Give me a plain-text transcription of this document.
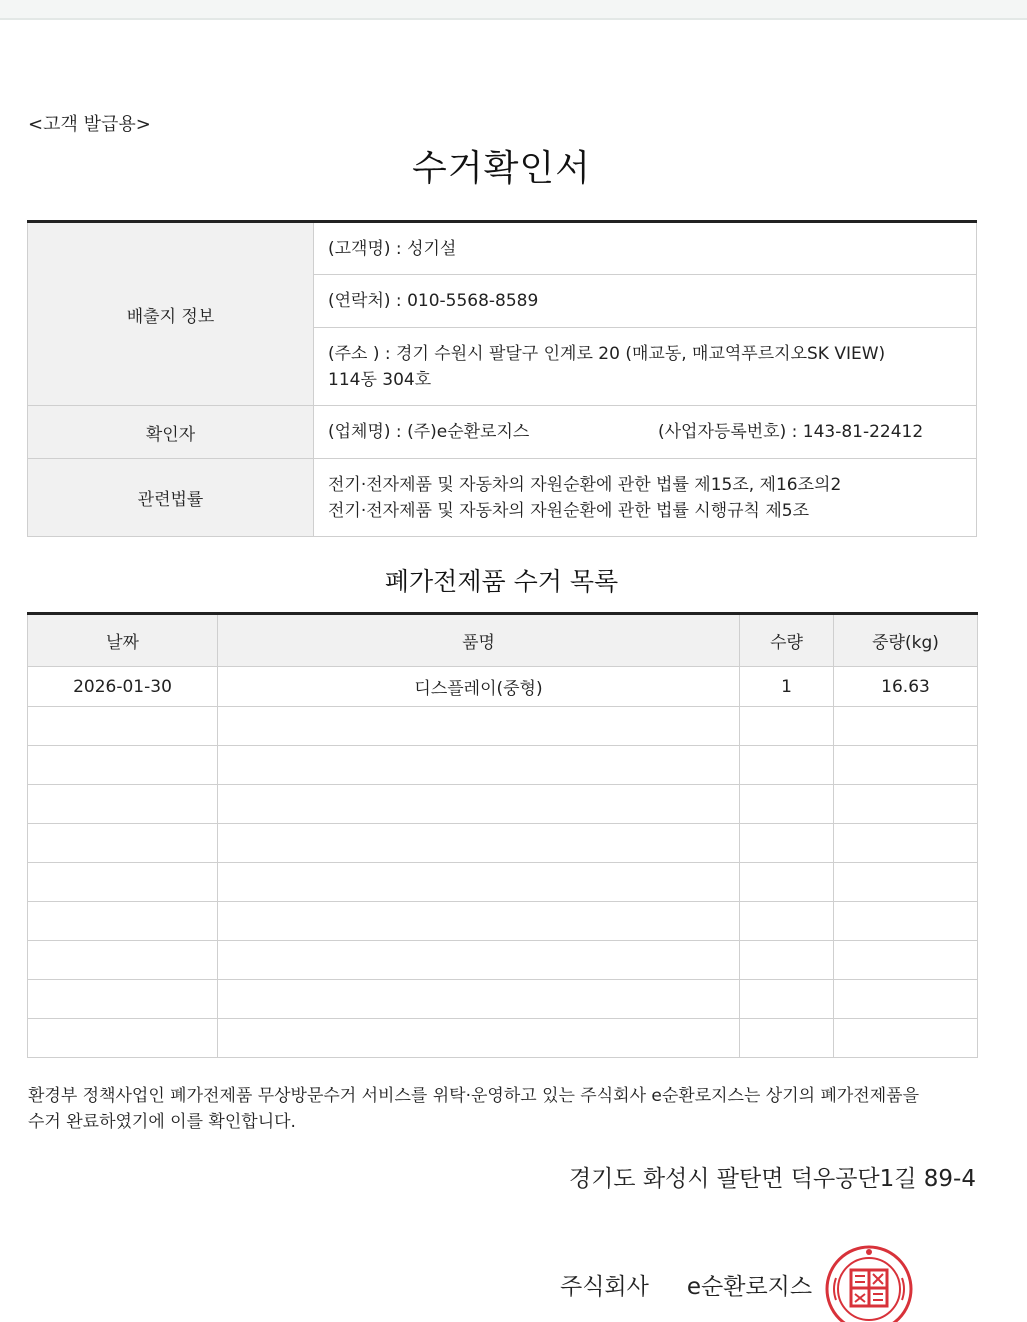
<고객 발급용>
수거확인서
배출지 정보	(고객명) : 성기설
	(연락처) : 010-5568-8589

	(주소 ) : 경기 수원시 팔달구 인계로 20 (매교동, 매교역푸르지오SK VIEW)
114동 304호

확인자	(업체명) : (주)e순환로지스 (사업자등록번호) : 143-81-22412
관련법률	전기·전자제품 및 자동차의 자원순환에 관한 법률 제15조, 제16조의2
전기·전자제품 및 자동차의 자원순환에 관한 법률 시행규칙 제5조
폐가전제품 수거 목록
날짜	품명	수량	중량(kg)
2026-01-30	디스플레이(중형)	1	16.63

환경부 정책사업인 폐가전제품 무상방문수거 서비스를 위탁·운영하고 있는 주식회사 e순환로지스는 상기의 폐가전제품을
수거 완료하였기에 이를 확인합니다.
경기도 화성시 팔탄면 덕우공단1길 89-4
주식회사 e순환로지스
